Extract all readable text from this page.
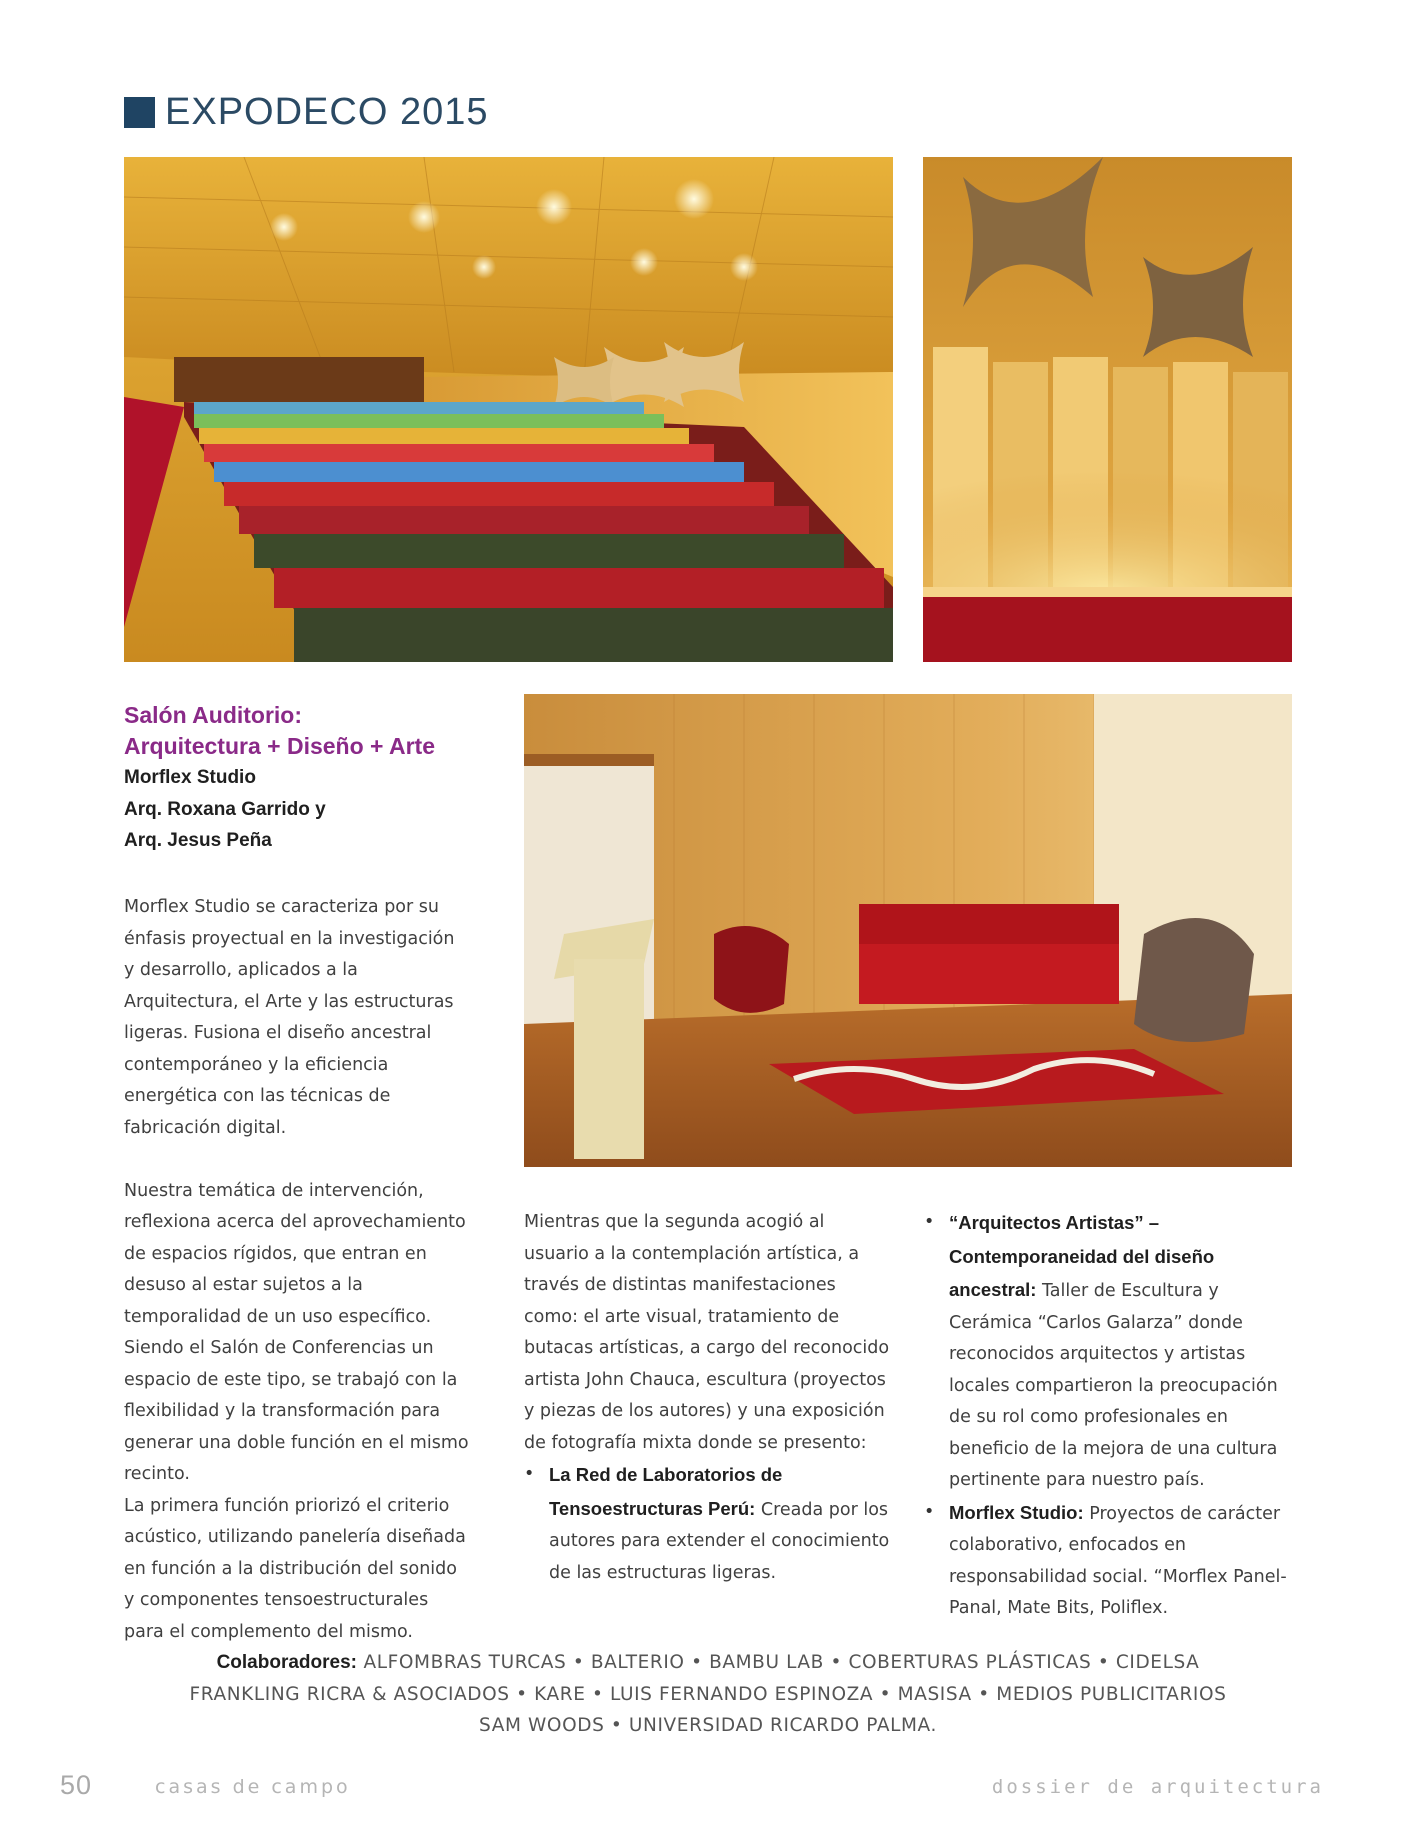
EXPODECO 2015
Salón Auditorio:
Arquitectura + Diseño + Arte
Morflex Studio
Arq. Roxana Garrido y
Arq. Jesus Peña

Morflex Studio se caracteriza por su énfasis proyectual en la investigación y desarrollo, aplicados a la Arquitectura, el Arte y las estructuras ligeras. Fusiona el diseño ancestral contemporáneo y la eficiencia energética con las técnicas de fabricación digital.

Nuestra temática de intervención, reflexiona acerca del aprovechamiento de espacios rígidos, que entran en desuso al estar sujetos a la temporalidad de un uso específico. Siendo el Salón de Conferencias un espacio de este tipo, se trabajó con la flexibilidad y la transformación para generar una doble función en el mismo recinto.

La primera función priorizó el criterio acústico, utilizando panelería diseñada en función a la distribución del sonido y componentes tensoestructurales para el complemento del mismo.

Mientras que la segunda acogió al usuario a la contemplación artística, a través de distintas manifestaciones como: el arte visual, tratamiento de butacas artísticas, a cargo del reconocido artista John Chauca, escultura (proyectos y piezas de los autores) y una exposición de fotografía mixta donde se presento:

• La Red de Laboratorios de Tensoestructuras Perú: Creada por los autores para extender el conocimiento de las estructuras ligeras.
• “Arquitectos Artistas” – Contemporaneidad del diseño ancestral: Taller de Escultura y Cerámica “Carlos Galarza” donde reconocidos arquitectos y artistas locales compartieron la preocupación de su rol como profesionales en beneficio de la mejora de una cultura pertinente para nuestro país.
• Morflex Studio: Proyectos de carácter colaborativo, enfocados en responsabilidad social. “Morflex Panel-Panal, Mate Bits, Poliflex.
Colaboradores: ALFOMBRAS TURCAS • BALTERIO • BAMBU LAB • COBERTURAS PLÁSTICAS • CIDELSA
FRANKLING RICRA & ASOCIADOS • KARE • LUIS FERNANDO ESPINOZA • MASISA • MEDIOS PUBLICITARIOS
SAM WOODS • UNIVERSIDAD RICARDO PALMA.
50	casas de campo	dossier de arquitectura
